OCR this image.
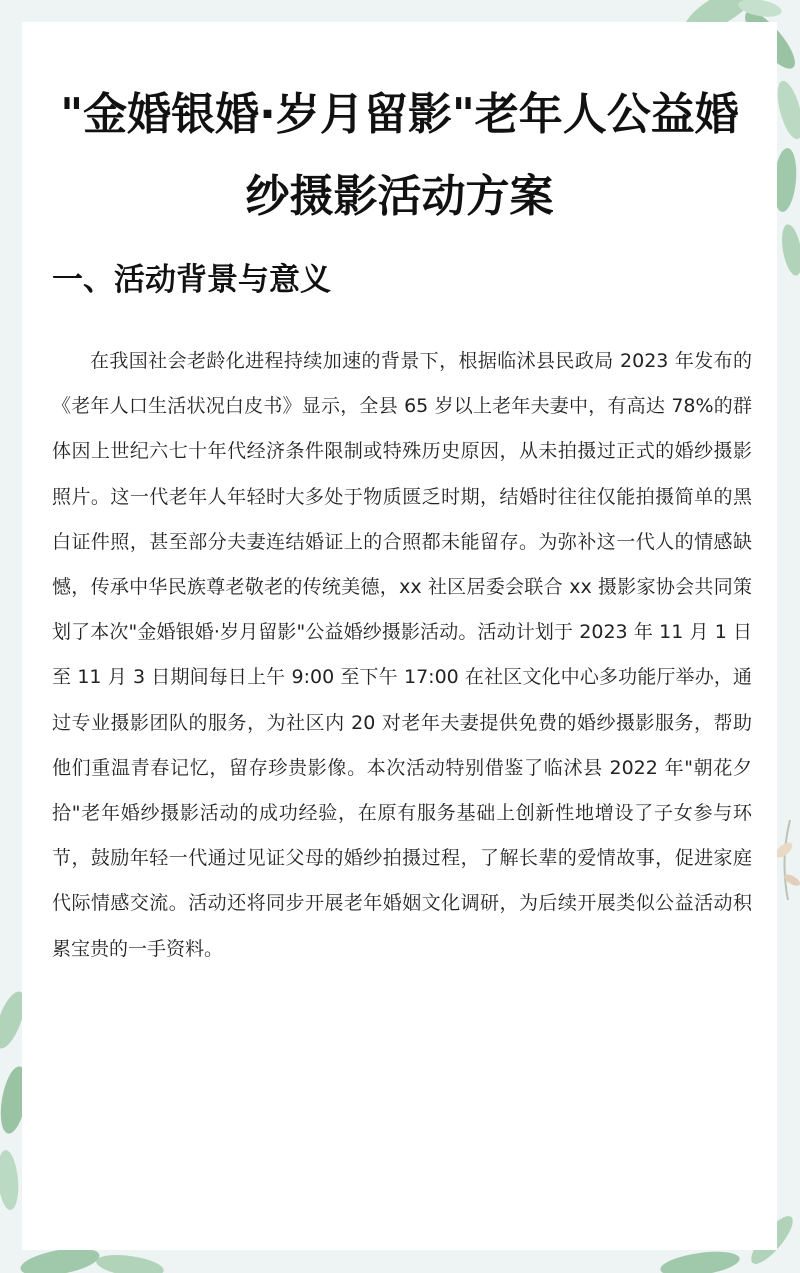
"金婚银婚·岁月留影"老年人公益婚纱摄影活动方案
一、活动背景与意义

在我国社会老龄化进程持续加速的背景下，根据临沭县民政局 2023 年发布的《老年人口生活状况白皮书》显示，全县 65 岁以上老年夫妻中，有高达 78%的群体因上世纪六七十年代经济条件限制或特殊历史原因，从未拍摄过正式的婚纱摄影照片。这一代老年人年轻时大多处于物质匮乏时期，结婚时往往仅能拍摄简单的黑白证件照，甚至部分夫妻连结婚证上的合照都未能留存。为弥补这一代人的情感缺憾，传承中华民族尊老敬老的传统美德，xx 社区居委会联合 xx 摄影家协会共同策划了本次"金婚银婚·岁月留影"公益婚纱摄影活动。活动计划于 2023 年 11 月 1 日至 11 月 3 日期间每日上午 9:00 至下午 17:00 在社区文化中心多功能厅举办，通过专业摄影团队的服务，为社区内 20 对老年夫妻提供免费的婚纱摄影服务，帮助他们重温青春记忆，留存珍贵影像。本次活动特别借鉴了临沭县 2022 年"朝花夕拾"老年婚纱摄影活动的成功经验，在原有服务基础上创新性地增设了子女参与环节，鼓励年轻一代通过见证父母的婚纱拍摄过程，了解长辈的爱情故事，促进家庭代际情感交流。活动还将同步开展老年婚姻文化调研，为后续开展类似公益活动积累宝贵的一手资料。
